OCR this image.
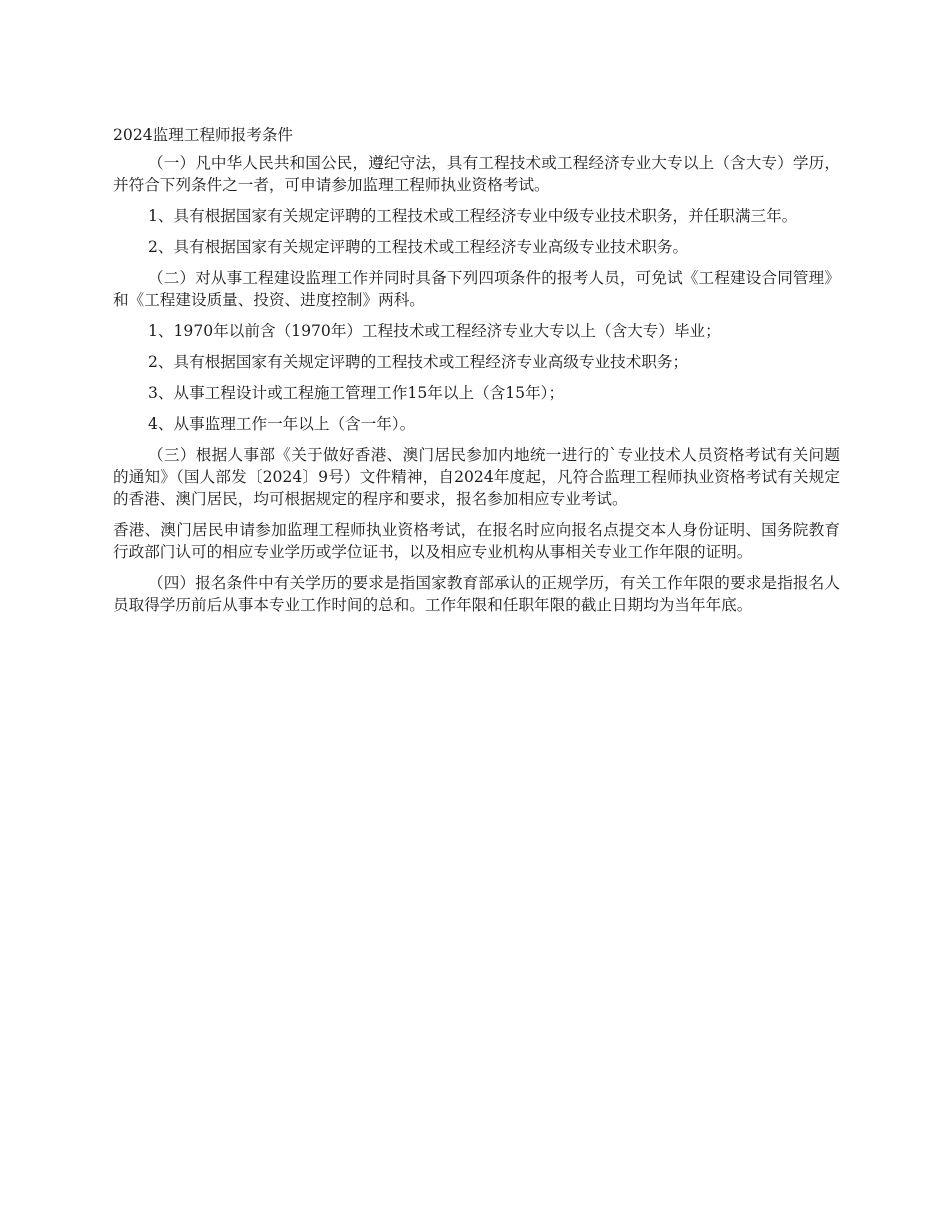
2024监理工程师报考条件

（一）凡中华人民共和国公民，遵纪守法，具有工程技术或工程经济专业大专以上（含大专）学历，并符合下列条件之一者，可申请参加监理工程师执业资格考试。

1、具有根据国家有关规定评聘的工程技术或工程经济专业中级专业技术职务，并任职满三年。

2、具有根据国家有关规定评聘的工程技术或工程经济专业高级专业技术职务。

（二）对从事工程建设监理工作并同时具备下列四项条件的报考人员，可免试《工程建设合同管理》和《工程建设质量、投资、进度控制》两科。

1、1970年以前含（1970年）工程技术或工程经济专业大专以上（含大专）毕业；

2、具有根据国家有关规定评聘的工程技术或工程经济专业高级专业技术职务；

3、从事工程设计或工程施工管理工作15年以上（含15年）；

4、从事监理工作一年以上（含一年）。

（三）根据人事部《关于做好香港、澳门居民参加内地统一进行的`专业技术人员资格考试有关问题的通知》（国人部发〔2024〕9号）文件精神，自2024年度起，凡符合监理工程师执业资格考试有关规定的香港、澳门居民，均可根据规定的程序和要求，报名参加相应专业考试。

香港、澳门居民申请参加监理工程师执业资格考试，在报名时应向报名点提交本人身份证明、国务院教育行政部门认可的相应专业学历或学位证书，以及相应专业机构从事相关专业工作年限的证明。

（四）报名条件中有关学历的要求是指国家教育部承认的正规学历，有关工作年限的要求是指报名人员取得学历前后从事本专业工作时间的总和。工作年限和任职年限的截止日期均为当年年底。
